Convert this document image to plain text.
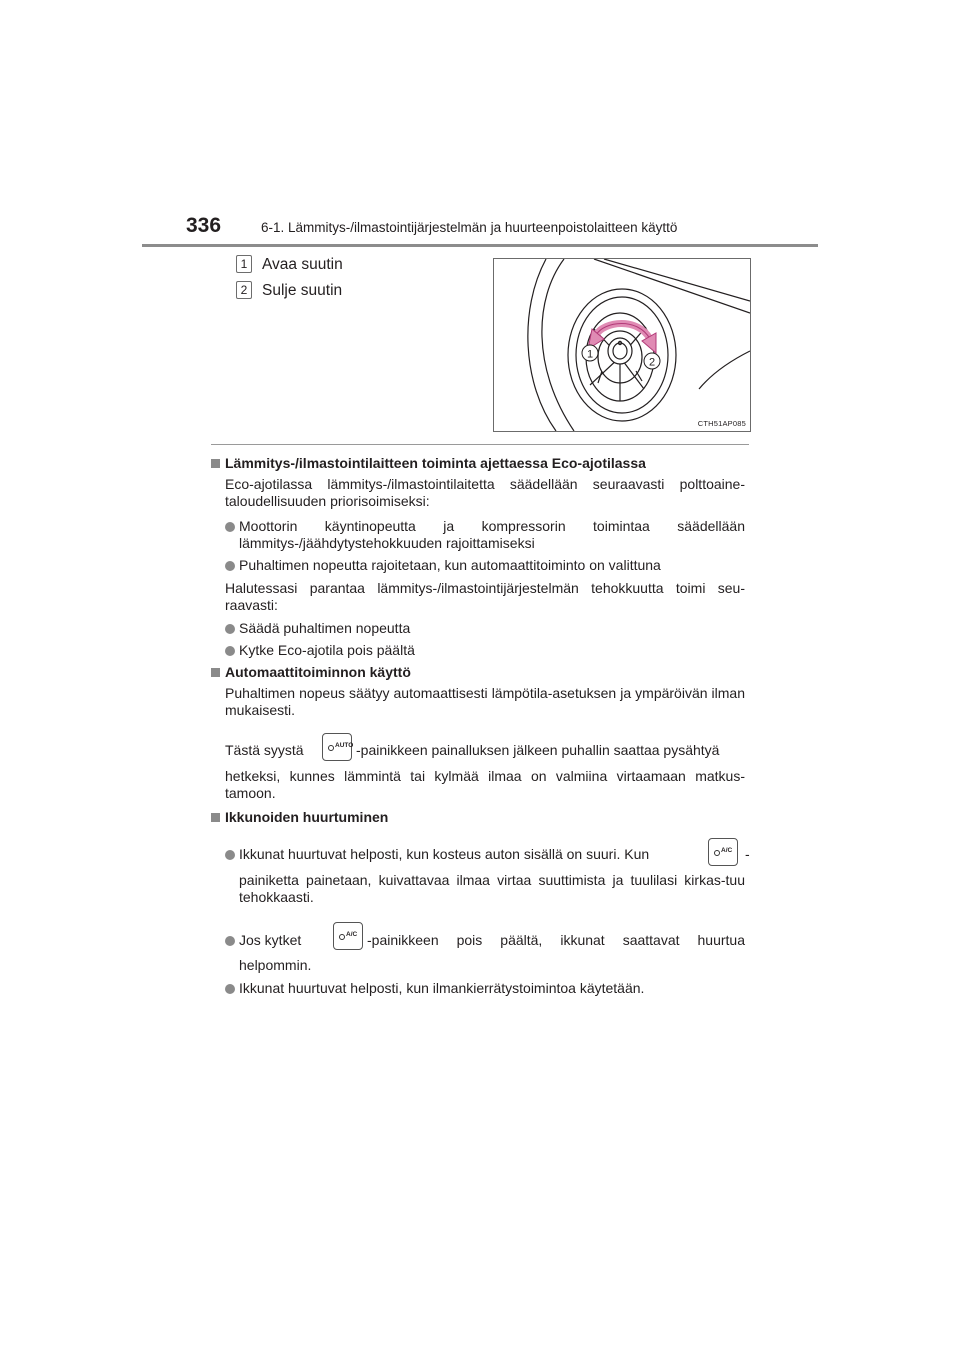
336	6-1. Lämmitys-/ilmastointijärjestelmän ja huurteenpoistolaitteen käyttö
1 Avaa suutin
2 Sulje suutin
1
2
CTH51AP085
Lämmitys-/ilmastointilaitteen toiminta ajettaessa Eco-ajotilassa
Eco-ajotilassa lämmitys-/ilmastointilaitetta säädellään seuraavasti polttoaine-taloudellisuuden priorisoimiseksi:
Moottorin käyntinopeutta ja kompressorin toimintaa säädellään lämmitys-/jäähdytystehokkuuden rajoittamiseksi
Puhaltimen nopeutta rajoitetaan, kun automaattitoiminto on valittuna
Halutessasi parantaa lämmitys-/ilmastointijärjestelmän tehokkuutta toimi seu-raavasti:
Säädä puhaltimen nopeutta
Kytke Eco-ajotila pois päältä
Automaattitoiminnon käyttö
Puhaltimen nopeus säätyy automaattisesti lämpötila-asetuksen ja ympäröivän ilman mukaisesti.
Tästä syystä	AUTO -painikkeen painalluksen jälkeen puhallin saattaa pysähtyä
hetkeksi, kunnes lämmintä tai kylmää ilmaa on valmiina virtaamaan matkus-tamoon.
Ikkunoiden huurtuminen
Ikkunat huurtuvat helposti, kun kosteus auton sisällä on suuri. Kun	A/C -
painiketta painetaan, kuivattavaa ilmaa virtaa suuttimista ja tuulilasi kirkas-tuu tehokkaasti.
Jos kytket	A/C -painikkeen pois päältä, ikkunat saattavat huurtua
helpommin.
Ikkunat huurtuvat helposti, kun ilmankierrätystoimintoa käytetään.
